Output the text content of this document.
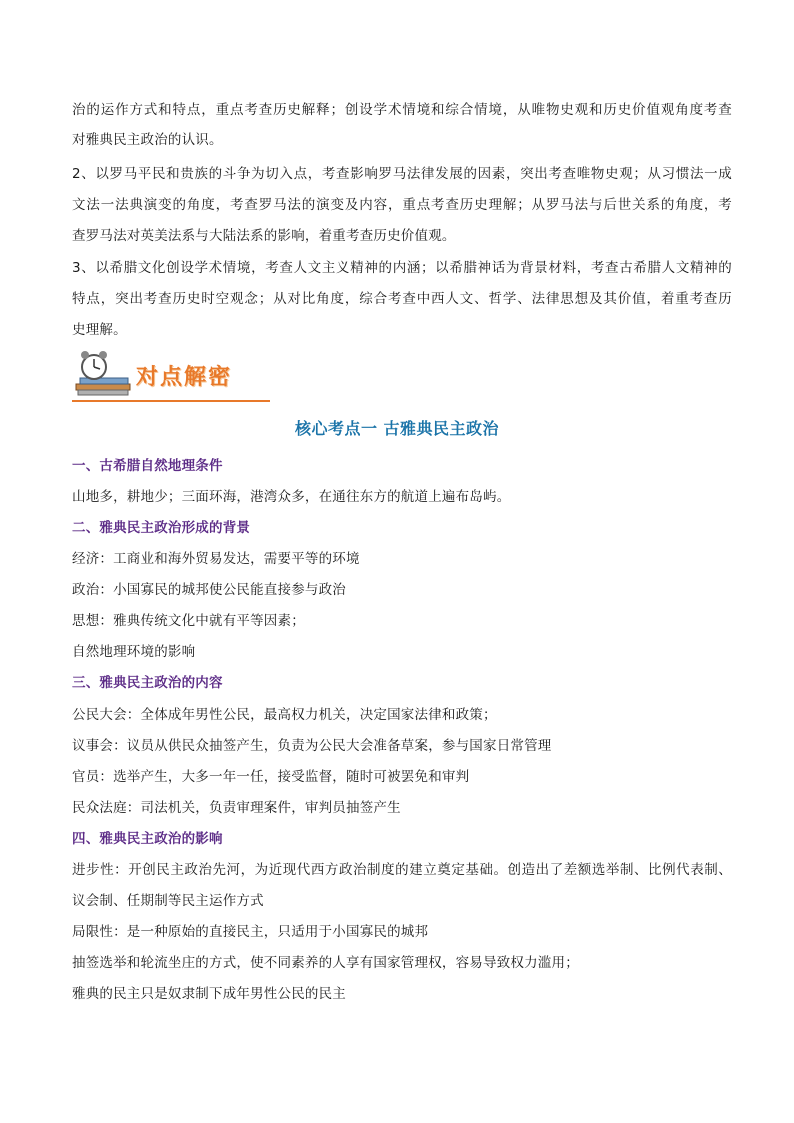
治的运作方式和特点，重点考查历史解释；创设学术情境和综合情境，从唯物史观和历史价值观角度考查
对雅典民主政治的认识。
2、以罗马平民和贵族的斗争为切入点，考查影响罗马法律发展的因素，突出考查唯物史观；从习惯法一成
文法一法典演变的角度，考查罗马法的演变及内容，重点考查历史理解；从罗马法与后世关系的角度，考
查罗马法对英美法系与大陆法系的影响，着重考查历史价值观。
3、以希腊文化创设学术情境，考查人文主义精神的内涵；以希腊神话为背景材料，考查古希腊人文精神的
特点，突出考查历史时空观念；从对比角度，综合考查中西人文、哲学、法律思想及其价值，着重考查历
史理解。
对点解密
核心考点一 古雅典民主政治
一、古希腊自然地理条件
山地多，耕地少；三面环海，港湾众多，在通往东方的航道上遍布岛屿。
二、雅典民主政治形成的背景
经济：工商业和海外贸易发达，需要平等的环境
政治：小国寡民的城邦使公民能直接参与政治
思想：雅典传统文化中就有平等因素；
自然地理环境的影响
三、雅典民主政治的内容
公民大会：全体成年男性公民，最高权力机关，决定国家法律和政策；
议事会：议员从供民众抽签产生，负责为公民大会准备草案，参与国家日常管理
官员：选举产生，大多一年一任，接受监督，随时可被罢免和审判
民众法庭：司法机关，负责审理案件，审判员抽签产生
四、雅典民主政治的影响
进步性：开创民主政治先河，为近现代西方政治制度的建立奠定基础。创造出了差额选举制、比例代表制、
议会制、任期制等民主运作方式
局限性：是一种原始的直接民主，只适用于小国寡民的城邦
抽签选举和轮流坐庄的方式，使不同素养的人享有国家管理权，容易导致权力滥用；
雅典的民主只是奴隶制下成年男性公民的民主
